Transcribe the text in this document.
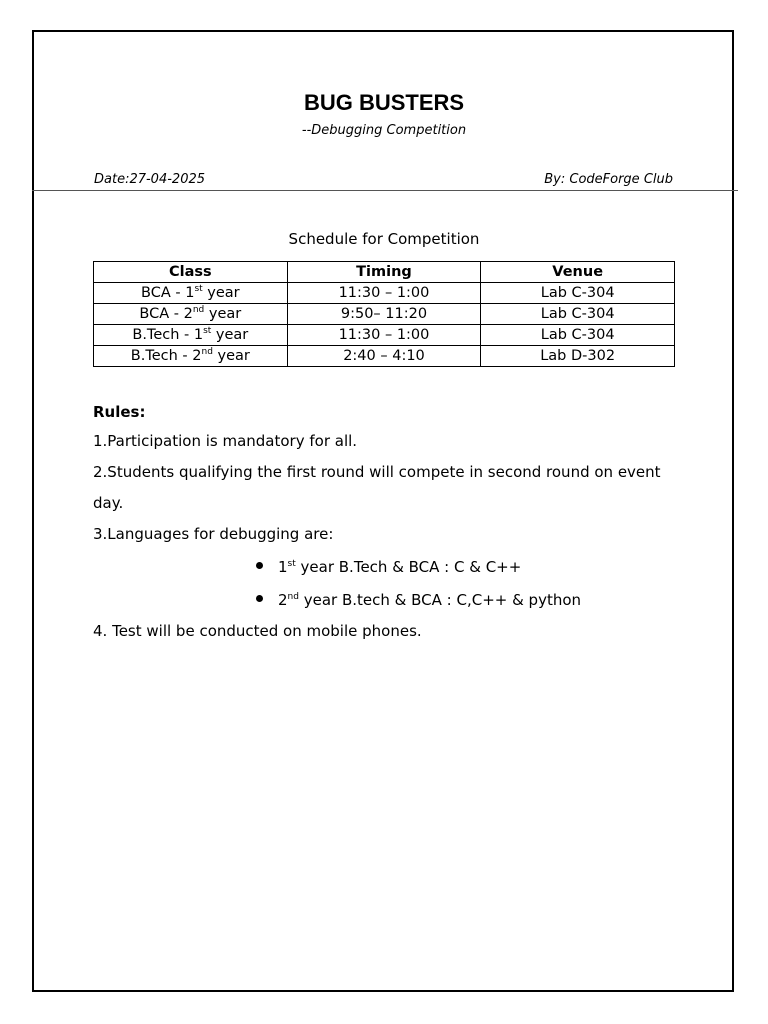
BUG BUSTERS
--Debugging Competition
Date:27-04-2025	By: CodeForge Club
Schedule for Competition
Class	Timing	Venue
BCA - 1st year	11:30 – 1:00	Lab C-304
BCA - 2nd year	9:50– 11:20	Lab C-304
B.Tech - 1st year	11:30 – 1:00	Lab C-304
B.Tech - 2nd year	2:40 – 4:10	Lab D-302
Rules:
1.Participation is mandatory for all.
2.Students qualifying the first round will compete in second round on event
day.
3.Languages for debugging are:
1st year B.Tech & BCA : C & C++
2nd year B.tech & BCA : C,C++ & python
4. Test will be conducted on mobile phones.
